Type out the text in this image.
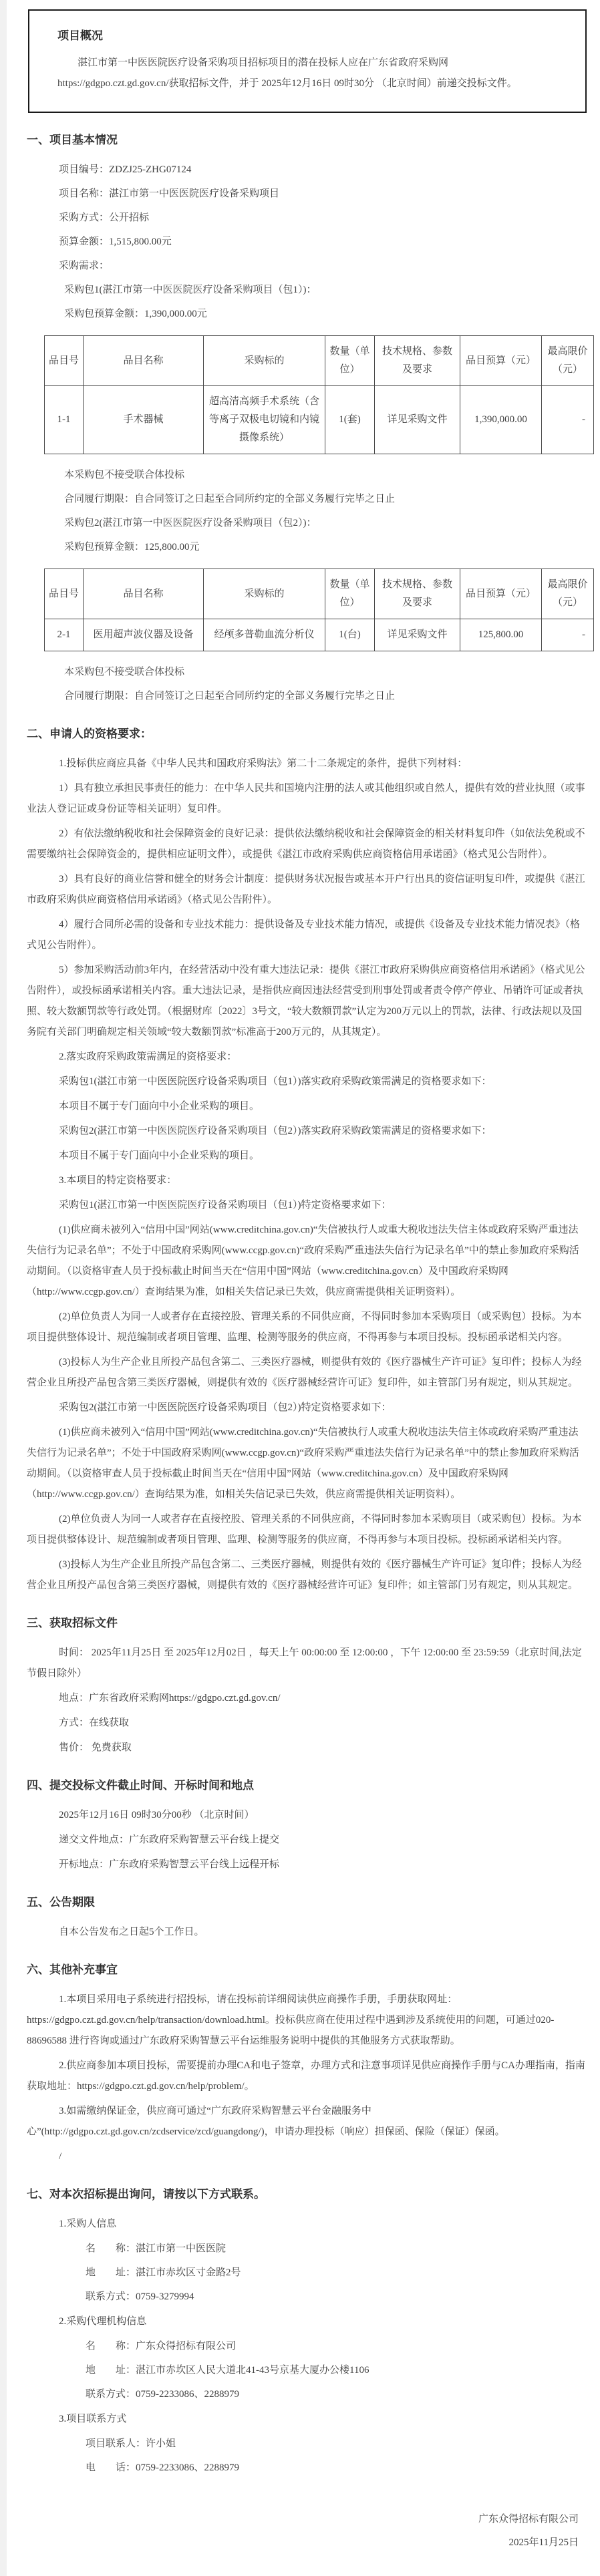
项目概况

湛江市第一中医医院医疗设备采购项目招标项目的潜在投标人应在广东省政府采购网https://gdgpo.czt.gd.gov.cn/获取招标文件，并于 2025年12月16日 09时30分 （北京时间）前递交投标文件。

一、项目基本情况

项目编号：ZDZJ25-ZHG07124

项目名称：湛江市第一中医医院医疗设备采购项目

采购方式：公开招标

预算金额：1,515,800.00元

采购需求：

采购包1(湛江市第一中医医院医疗设备采购项目（包1）)：

采购包预算金额：1,390,000.00元

品目号	品目名称	采购标的	数量（单位）	技术规格、参数及要求	品目预算（元）	最高限价（元）
1-1	手术器械	超高清高频手术系统（含等离子双极电切镜和内镜摄像系统）	1(套)	详见采购文件	1,390,000.00	-

本采购包不接受联合体投标

合同履行期限：自合同签订之日起至合同所约定的全部义务履行完毕之日止

采购包2(湛江市第一中医医院医疗设备采购项目（包2）)：

采购包预算金额：125,800.00元

品目号	品目名称	采购标的	数量（单位）	技术规格、参数及要求	品目预算（元）	最高限价（元）
2-1	医用超声波仪器及设备	经颅多普勒血流分析仪	1(台)	详见采购文件	125,800.00	-

本采购包不接受联合体投标

合同履行期限：自合同签订之日起至合同所约定的全部义务履行完毕之日止

二、申请人的资格要求：

1.投标供应商应具备《中华人民共和国政府采购法》第二十二条规定的条件，提供下列材料：

1）具有独立承担民事责任的能力：在中华人民共和国境内注册的法人或其他组织或自然人，提供有效的营业执照（或事业法人登记证或身份证等相关证明）复印件。

2）有依法缴纳税收和社会保障资金的良好记录：提供依法缴纳税收和社会保障资金的相关材料复印件（如依法免税或不需要缴纳社会保障资金的，提供相应证明文件），或提供《湛江市政府采购供应商资格信用承诺函》（格式见公告附件）。

3）具有良好的商业信誉和健全的财务会计制度：提供财务状况报告或基本开户行出具的资信证明复印件，或提供《湛江市政府采购供应商资格信用承诺函》（格式见公告附件）。

4）履行合同所必需的设备和专业技术能力：提供设备及专业技术能力情况，或提供《设备及专业技术能力情况表》（格式见公告附件）。

5）参加采购活动前3年内，在经营活动中没有重大违法记录：提供《湛江市政府采购供应商资格信用承诺函》（格式见公告附件），或投标函承诺相关内容。重大违法记录，是指供应商因违法经营受到刑事处罚或者责令停产停业、吊销许可证或者执照、较大数额罚款等行政处罚。（根据财库〔2022〕3号文，“较大数额罚款”认定为200万元以上的罚款，法律、行政法规以及国务院有关部门明确规定相关领域“较大数额罚款”标准高于200万元的，从其规定）。

2.落实政府采购政策需满足的资格要求：

采购包1(湛江市第一中医医院医疗设备采购项目（包1）)落实政府采购政策需满足的资格要求如下：

本项目不属于专门面向中小企业采购的项目。

采购包2(湛江市第一中医医院医疗设备采购项目（包2）)落实政府采购政策需满足的资格要求如下：

本项目不属于专门面向中小企业采购的项目。

3.本项目的特定资格要求：

采购包1(湛江市第一中医医院医疗设备采购项目（包1）)特定资格要求如下：

(1)供应商未被列入“信用中国”网站(www.creditchina.gov.cn)“失信被执行人或重大税收违法失信主体或政府采购严重违法失信行为记录名单”；不处于中国政府采购网(www.ccgp.gov.cn)“政府采购严重违法失信行为记录名单”中的禁止参加政府采购活动期间。（以资格审查人员于投标截止时间当天在“信用中国”网站（www.creditchina.gov.cn）及中国政府采购网（http://www.ccgp.gov.cn/）查询结果为准，如相关失信记录已失效，供应商需提供相关证明资料）。

(2)单位负责人为同一人或者存在直接控股、管理关系的不同供应商，不得同时参加本采购项目（或采购包）投标。为本项目提供整体设计、规范编制或者项目管理、监理、检测等服务的供应商，不得再参与本项目投标。投标函承诺相关内容。

(3)投标人为生产企业且所投产品包含第二、三类医疗器械，则提供有效的《医疗器械生产许可证》复印件；投标人为经营企业且所投产品包含第三类医疗器械，则提供有效的《医疗器械经营许可证》复印件，如主管部门另有规定，则从其规定。

采购包2(湛江市第一中医医院医疗设备采购项目（包2）)特定资格要求如下：

(1)供应商未被列入“信用中国”网站(www.creditchina.gov.cn)“失信被执行人或重大税收违法失信主体或政府采购严重违法失信行为记录名单”；不处于中国政府采购网(www.ccgp.gov.cn)“政府采购严重违法失信行为记录名单”中的禁止参加政府采购活动期间。（以资格审查人员于投标截止时间当天在“信用中国”网站（www.creditchina.gov.cn）及中国政府采购网（http://www.ccgp.gov.cn/）查询结果为准，如相关失信记录已失效，供应商需提供相关证明资料）。

(2)单位负责人为同一人或者存在直接控股、管理关系的不同供应商，不得同时参加本采购项目（或采购包）投标。为本项目提供整体设计、规范编制或者项目管理、监理、检测等服务的供应商，不得再参与本项目投标。投标函承诺相关内容。

(3)投标人为生产企业且所投产品包含第二、三类医疗器械，则提供有效的《医疗器械生产许可证》复印件；投标人为经营企业且所投产品包含第三类医疗器械，则提供有效的《医疗器械经营许可证》复印件；如主管部门另有规定，则从其规定。

三、获取招标文件

时间： 2025年11月25日 至 2025年12月02日 ，每天上午 00:00:00 至 12:00:00 ，下午 12:00:00 至 23:59:59（北京时间,法定节假日除外）

地点：广东省政府采购网https://gdgpo.czt.gd.gov.cn/

方式：在线获取

售价： 免费获取

四、提交投标文件截止时间、开标时间和地点

2025年12月16日 09时30分00秒 （北京时间）

递交文件地点：广东政府采购智慧云平台线上提交

开标地点：广东政府采购智慧云平台线上远程开标

五、公告期限

自本公告发布之日起5个工作日。

六、其他补充事宜

1.本项目采用电子系统进行招投标，请在投标前详细阅读供应商操作手册，手册获取网址：https://gdgpo.czt.gd.gov.cn/help/transaction/download.html。投标供应商在使用过程中遇到涉及系统使用的问题，可通过020-88696588 进行咨询或通过广东政府采购智慧云平台运维服务说明中提供的其他服务方式获取帮助。

2.供应商参加本项目投标，需要提前办理CA和电子签章，办理方式和注意事项详见供应商操作手册与CA办理指南，指南获取地址：https://gdgpo.czt.gd.gov.cn/help/problem/。

3.如需缴纳保证金，供应商可通过“广东政府采购智慧云平台金融服务中心”(http://gdgpo.czt.gd.gov.cn/zcdservice/zcd/guangdong/)，申请办理投标（响应）担保函、保险（保证）保函。

/

七、对本次招标提出询问，请按以下方式联系。

1.采购人信息

名　　称：湛江市第一中医医院

地　　址：湛江市赤坎区寸金路2号

联系方式：0759-3279994

2.采购代理机构信息

名　　称：广东众得招标有限公司

地　　址：湛江市赤坎区人民大道北41-43号京基大厦办公楼1106

联系方式：0759-2233086、2288979

3.项目联系方式

项目联系人：许小姐

电　　话：0759-2233086、2288979

广东众得招标有限公司

2025年11月25日
